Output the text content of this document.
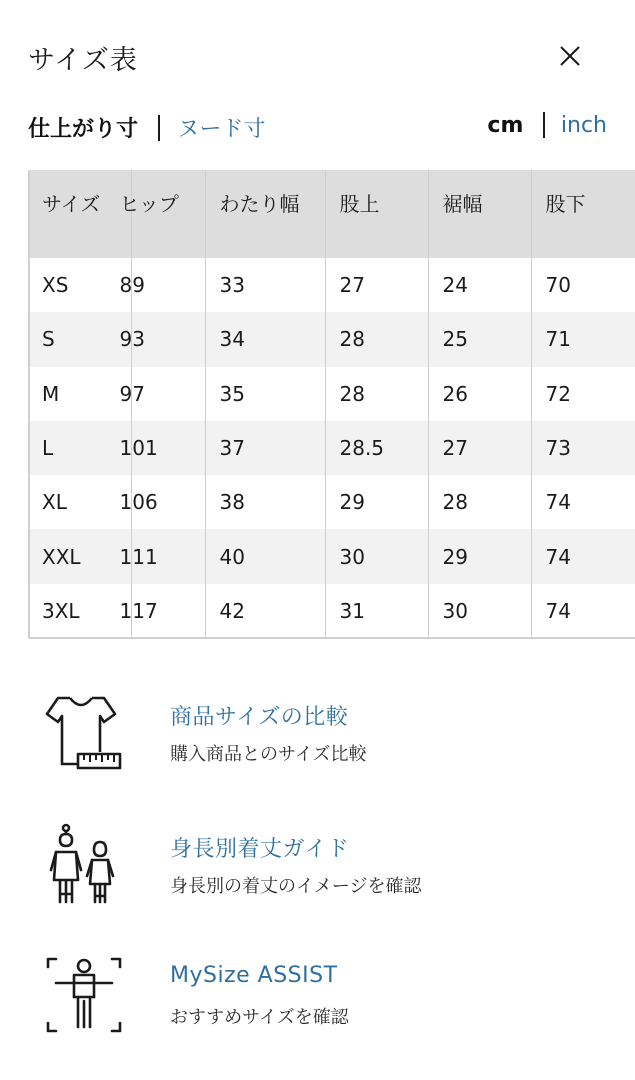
サイズ表
仕上がり寸 ヌード寸	cm inch
サイズ	ヒップ	わたり幅	股上	裾幅	股下
XS	89	33	27	24	70
S	93	34	28	25	71
M	97	35	28	26	72
L	101	37	28.5	27	73
XL	106	38	29	28	74
XXL	111	40	30	29	74
3XL	117	42	31	30	74
商品サイズの比較
購入商品とのサイズ比較
身長別着丈ガイド
身長別の着丈のイメージを確認
MySize ASSIST
おすすめサイズを確認
